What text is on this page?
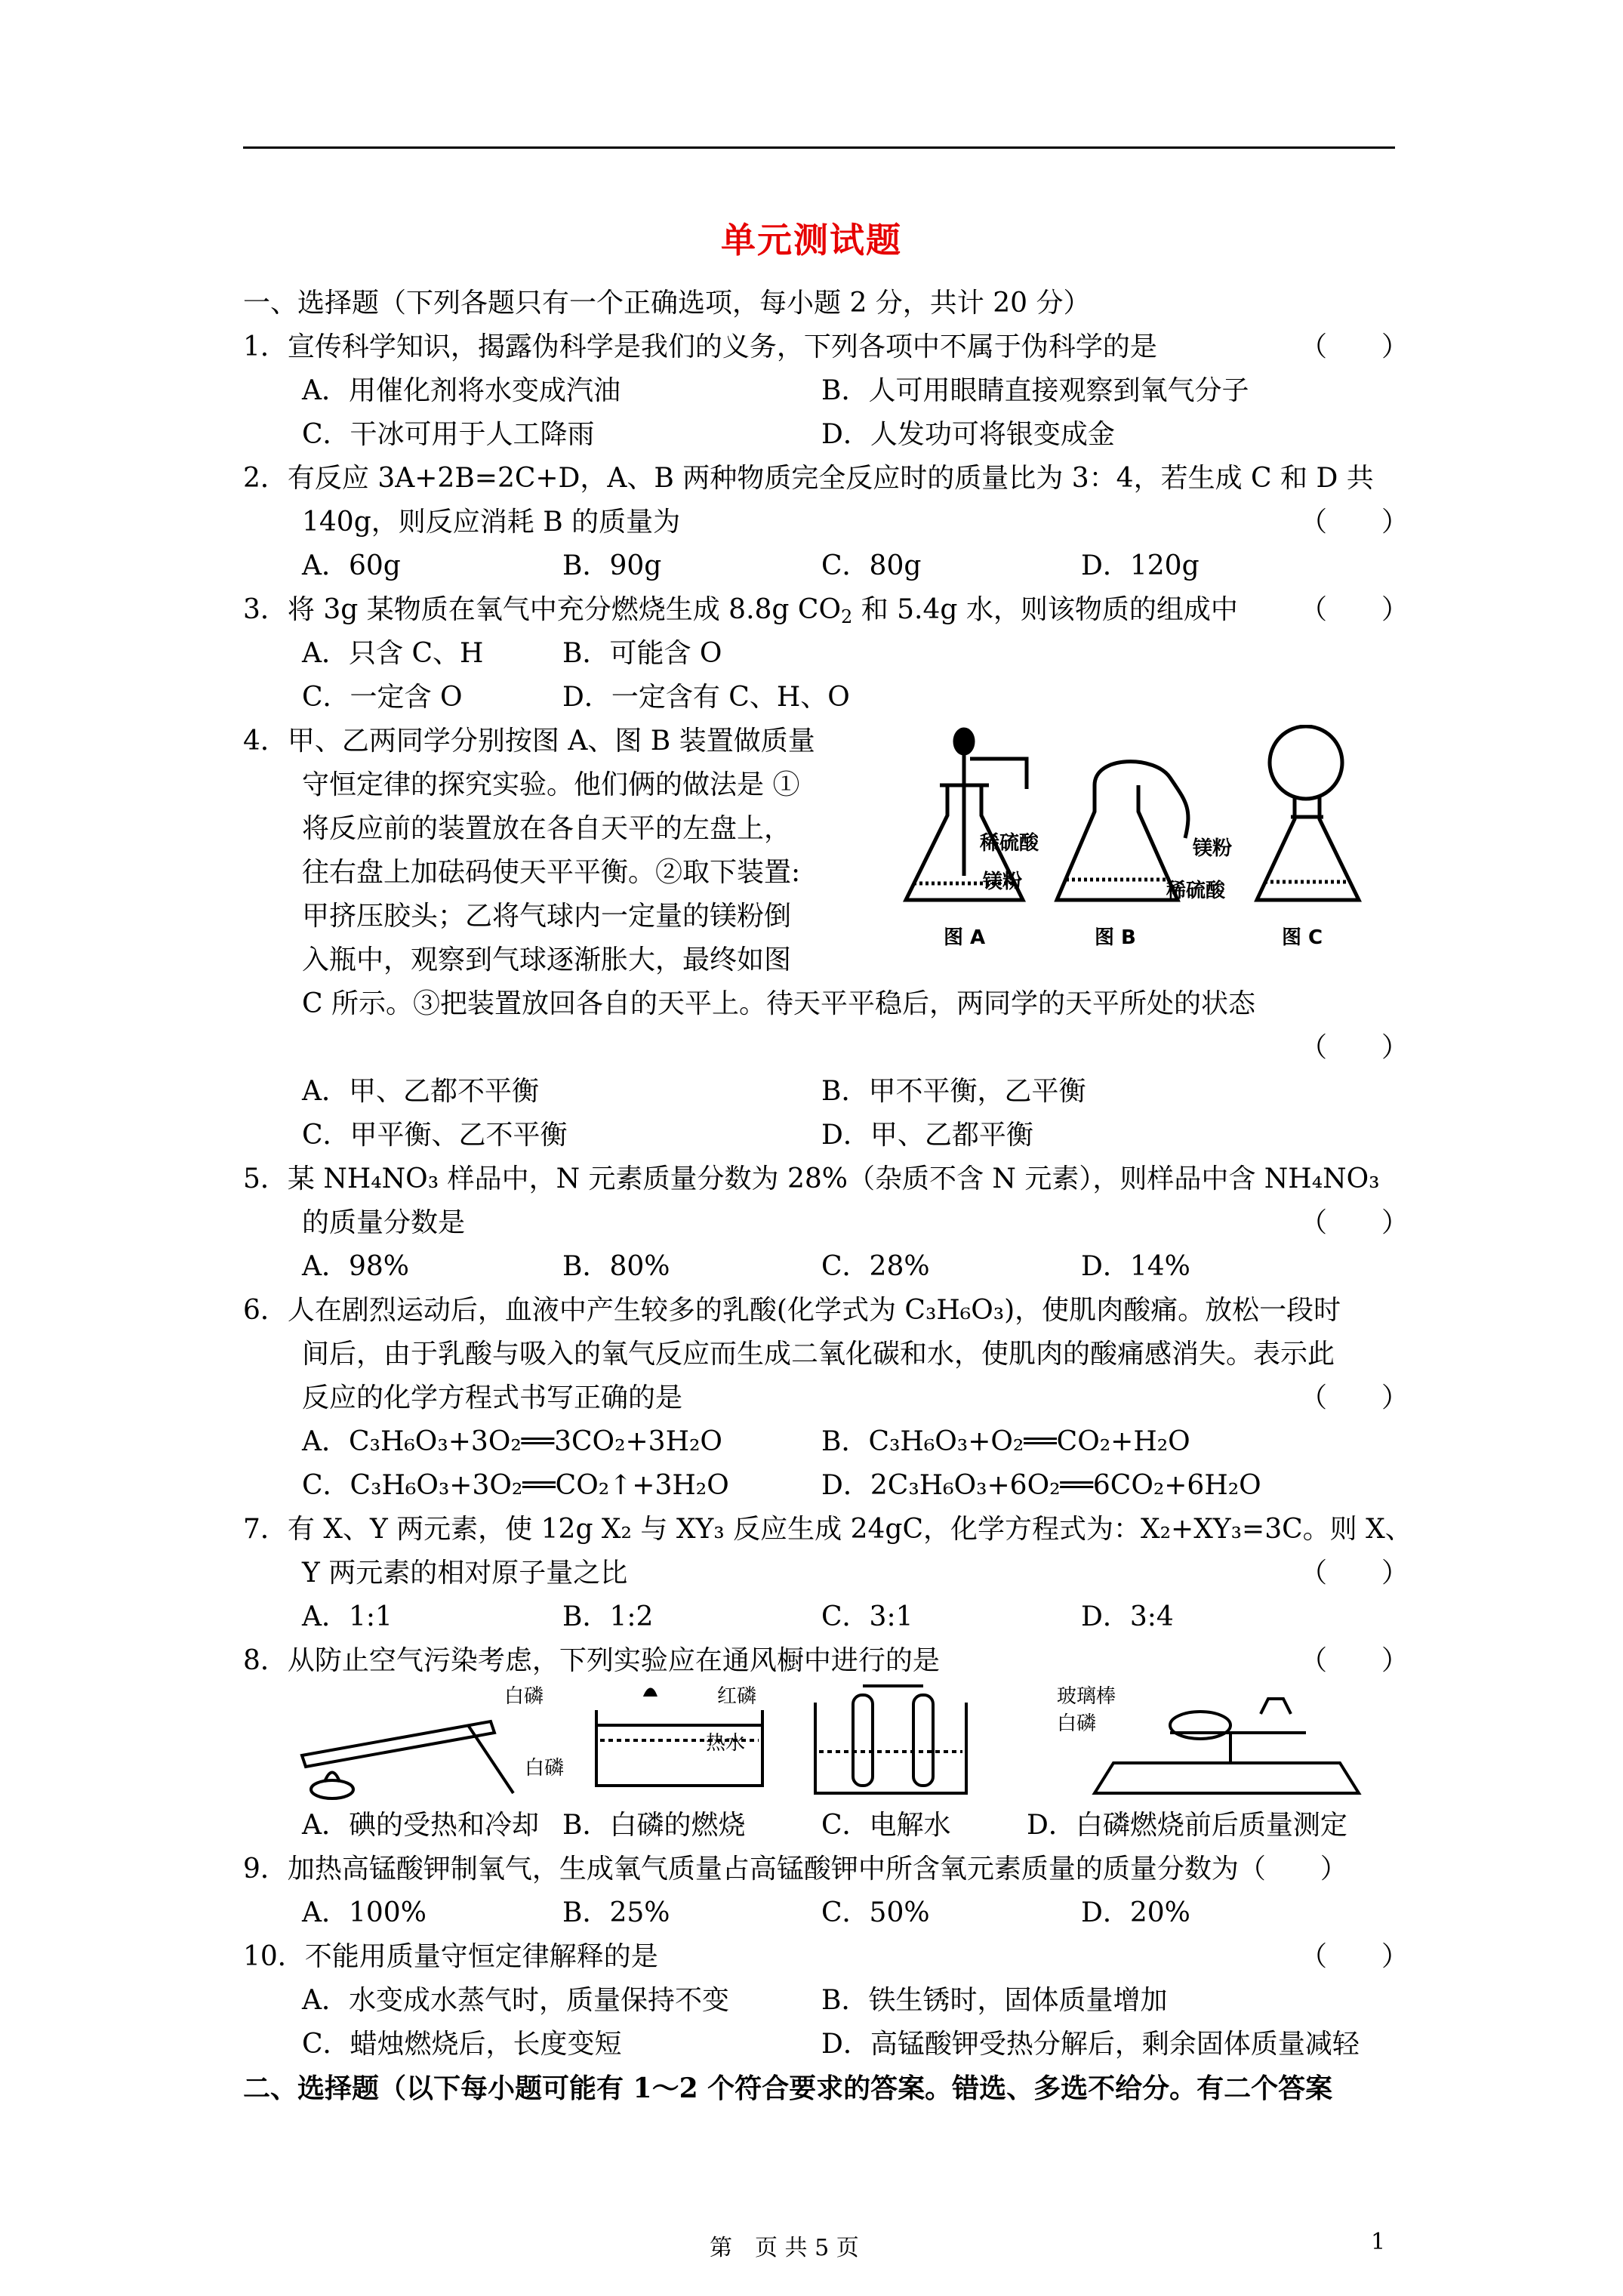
单元测试题
一、选择题（下列各题只有一个正确选项，每小题 2 分，共计 20 分）
1．宣传科学知识，揭露伪科学是我们的义务，下列各项中不属于伪科学的是	（　　）
A．用催化剂将水变成汽油	B．人可用眼睛直接观察到氧气分子
C．干冰可用于人工降雨	D．人发功可将银变成金
2．有反应 3A+2B=2C+D，A、B 两种物质完全反应时的质量比为 3：4，若生成 C 和 D 共
140g，则反应消耗 B 的质量为	（　　）
A．60g	B．90g	C．80g	D．120g
3．将 3g 某物质在氧气中充分燃烧生成 8.8g $CO_2$ 和 5.4g 水，则该物质的组成中 （　　）
A．只含 C、H	B．可能含 O
C．一定含 O	D．一定含有 C、H、O
4．甲、乙两同学分别按图 A、图 B 装置做质量
守恒定律的探究实验。他们俩的做法是 ①
将反应前的装置放在各自天平的左盘上，
往右盘上加砝码使天平平衡。②取下装置:
甲挤压胶头；乙将气球内一定量的镁粉倒
入瓶中，观察到气球逐渐胀大，最终如图
C 所示。③把装置放回各自的天平上。待天平平稳后，两同学的天平所处的状态
（　　）
稀硫酸
镁粉
图 A
镁粉
稀硫酸
图 B	图 C
A．甲、乙都不平衡	B．甲不平衡，乙平衡
C．甲平衡、乙不平衡	D．甲、乙都平衡
5．某 NH₄NO₃ 样品中，N 元素质量分数为 28%（杂质不含 N 元素），则样品中含 NH₄NO₃
的质量分数是	（　　）
A．98%	B．80%	C．28%	D．14%
6．人在剧烈运动后，血液中产生较多的乳酸(化学式为 C₃H₆O₃)，使肌肉酸痛。放松一段时
间后，由于乳酸与吸入的氧气反应而生成二氧化碳和水，使肌肉的酸痛感消失。表示此
反应的化学方程式书写正确的是	（　　）
A．C₃H₆O₃+3O₂══3CO₂+3H₂O	B．C₃H₆O₃+O₂══CO₂+H₂O
C．C₃H₆O₃+3O₂══CO₂↑+3H₂O	D．2C₃H₆O₃+6O₂══6CO₂+6H₂O
7．有 X、Y 两元素，使 12g X₂ 与 XY₃ 反应生成 24gC，化学方程式为：X₂+XY₃=3C。则 X、
Y 两元素的相对原子量之比	（　　）
A．1:1	B．1:2	C．3:1	D．3:4
8．从防止空气污染考虑，下列实验应在通风橱中进行的是	（　　）
白磷	红磷
热水
白磷
玻璃棒
白磷
A．碘的受热和冷却 B．白磷的燃烧	C．电解水	D．白磷燃烧前后质量测定
9．加热高锰酸钾制氧气，生成氧气质量占高锰酸钾中所含氧元素质量的质量分数为（　　）
A．100%	B．25%	C．50%	D．20%
10．不能用质量守恒定律解释的是	（　　）
A．水变成水蒸气时，质量保持不变	B．铁生锈时，固体质量增加
C．蜡烛燃烧后，长度变短	D．高锰酸钾受热分解后，剩余固体质量减轻
二、选择题（以下每小题可能有 1～2 个符合要求的答案。错选、多选不给分。有二个答案
第　页 共 5 页	1
